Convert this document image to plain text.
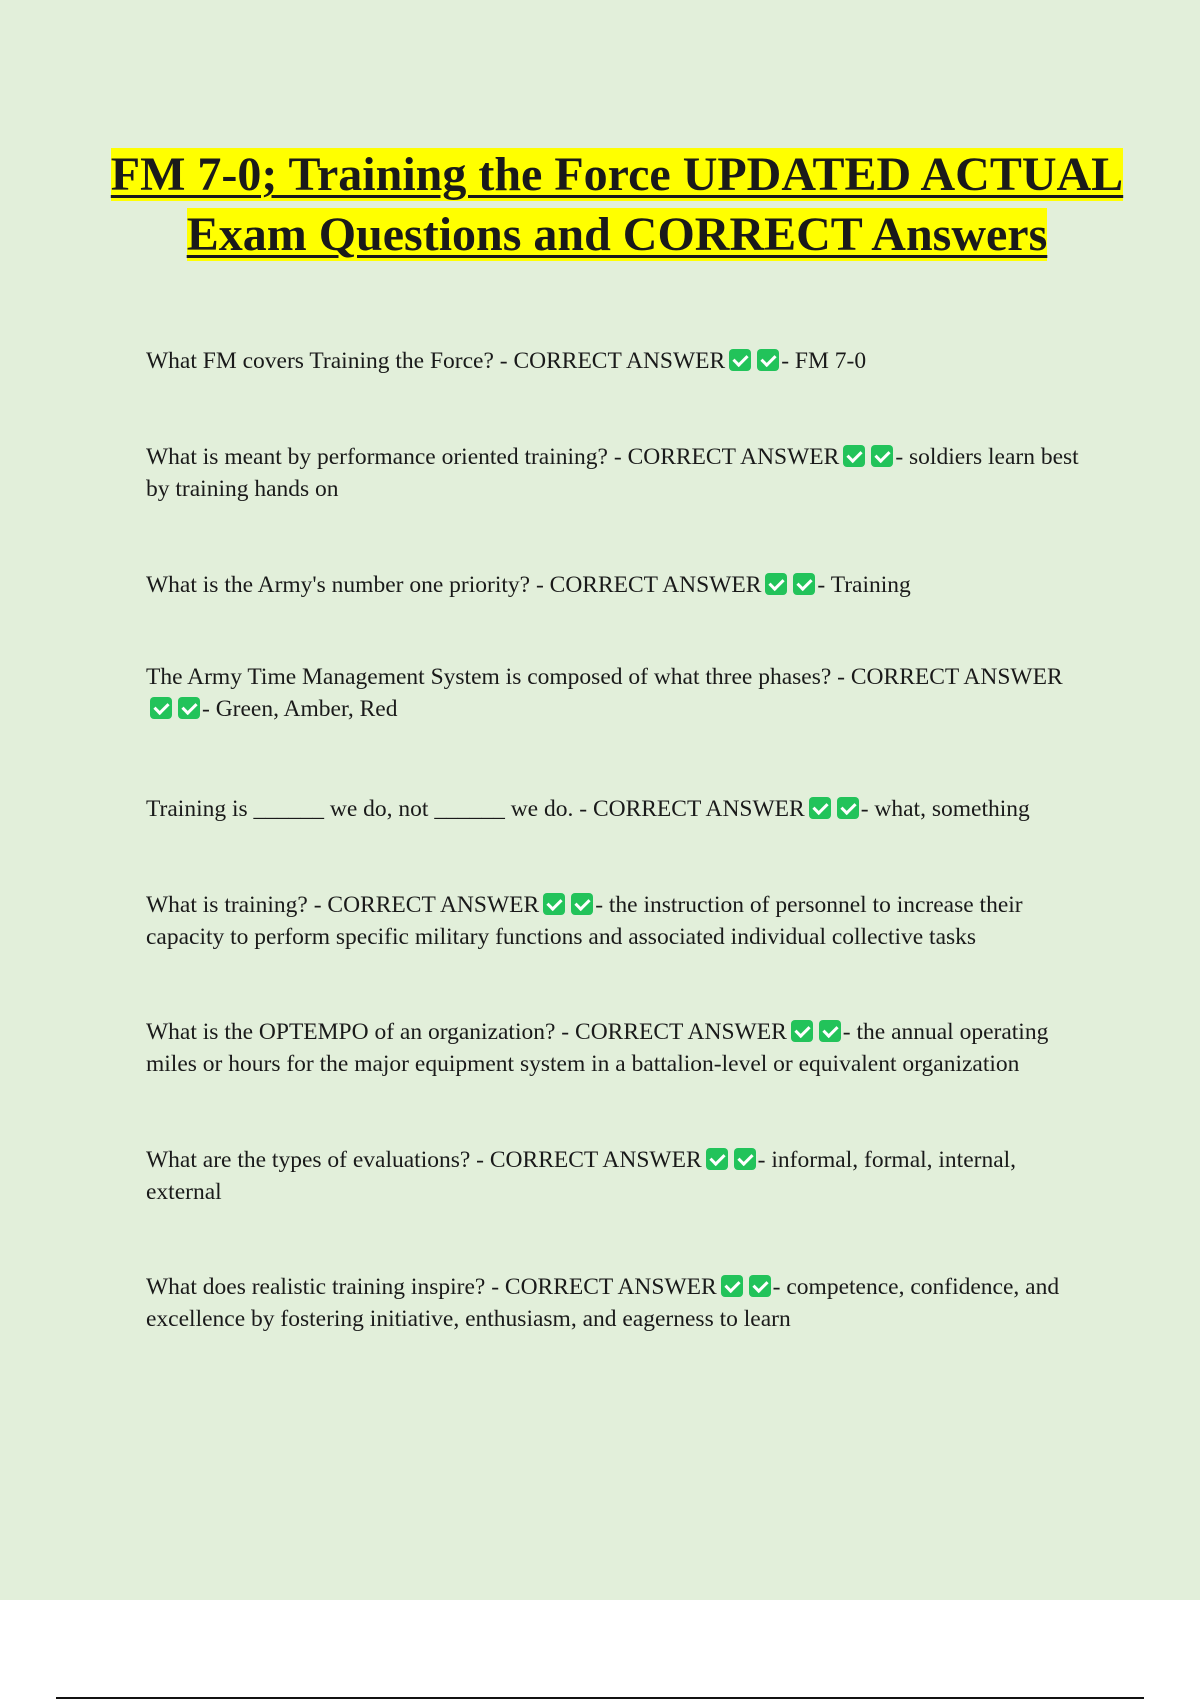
FM 7-0; Training the Force UPDATED ACTUAL Exam Questions and CORRECT Answers

What FM covers Training the Force? - CORRECT ANSWER - FM 7-0

What is meant by performance oriented training? - CORRECT ANSWER - soldiers learn best by training hands on

What is the Army's number one priority? - CORRECT ANSWER - Training

The Army Time Management System is composed of what three phases? - CORRECT ANSWER- Green, Amber, Red

Training is ______ we do, not ______ we do. - CORRECT ANSWER - what, something

What is training? - CORRECT ANSWER - the instruction of personnel to increase their capacity to perform specific military functions and associated individual collective tasks

What is the OPTEMPO of an organization? - CORRECT ANSWER - the annual operating miles or hours for the major equipment system in a battalion-level or equivalent organization

What are the types of evaluations? - CORRECT ANSWER - informal, formal, internal, external

What does realistic training inspire? - CORRECT ANSWER - competence, confidence, and excellence by fostering initiative, enthusiasm, and eagerness to learn
